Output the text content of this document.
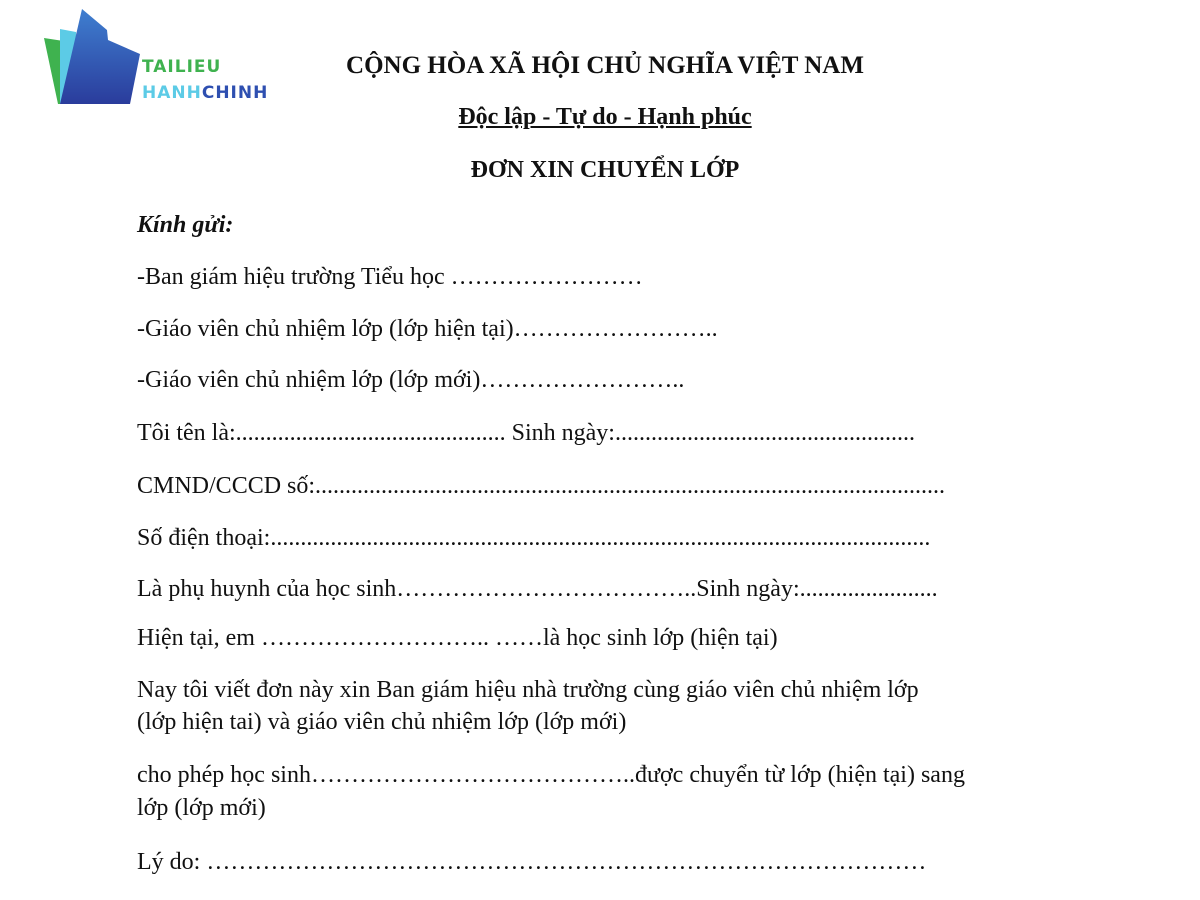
TAILIEU
HANHCHINH
CỘNG HÒA XÃ HỘI CHỦ NGHĨA VIỆT NAM
Độc lập - Tự do - Hạnh phúc
ĐƠN XIN CHUYỂN LỚP
Kính gửi:
-Ban giám hiệu trường Tiểu học ……………………
-Giáo viên chủ nhiệm lớp (lớp hiện tại)……………………..
-Giáo viên chủ nhiệm lớp (lớp mới)……………………..
Tôi tên là:............................................. Sinh ngày:..................................................
CMND/CCCD số:.........................................................................................................
Số điện thoại:..............................................................................................................
Là phụ huynh của học sinh………………………………..Sinh ngày:.......................
Hiện tại, em ……………………….. ……là học sinh lớp (hiện tại)
Nay tôi viết đơn này xin Ban giám hiệu nhà trường cùng giáo viên chủ nhiệm lớp
(lớp hiện tai) và giáo viên chủ nhiệm lớp (lớp mới)
cho phép học sinh…………………………………..được chuyển từ lớp (hiện tại) sang
lớp (lớp mới)
Lý do: ………………………………………………………………………………
